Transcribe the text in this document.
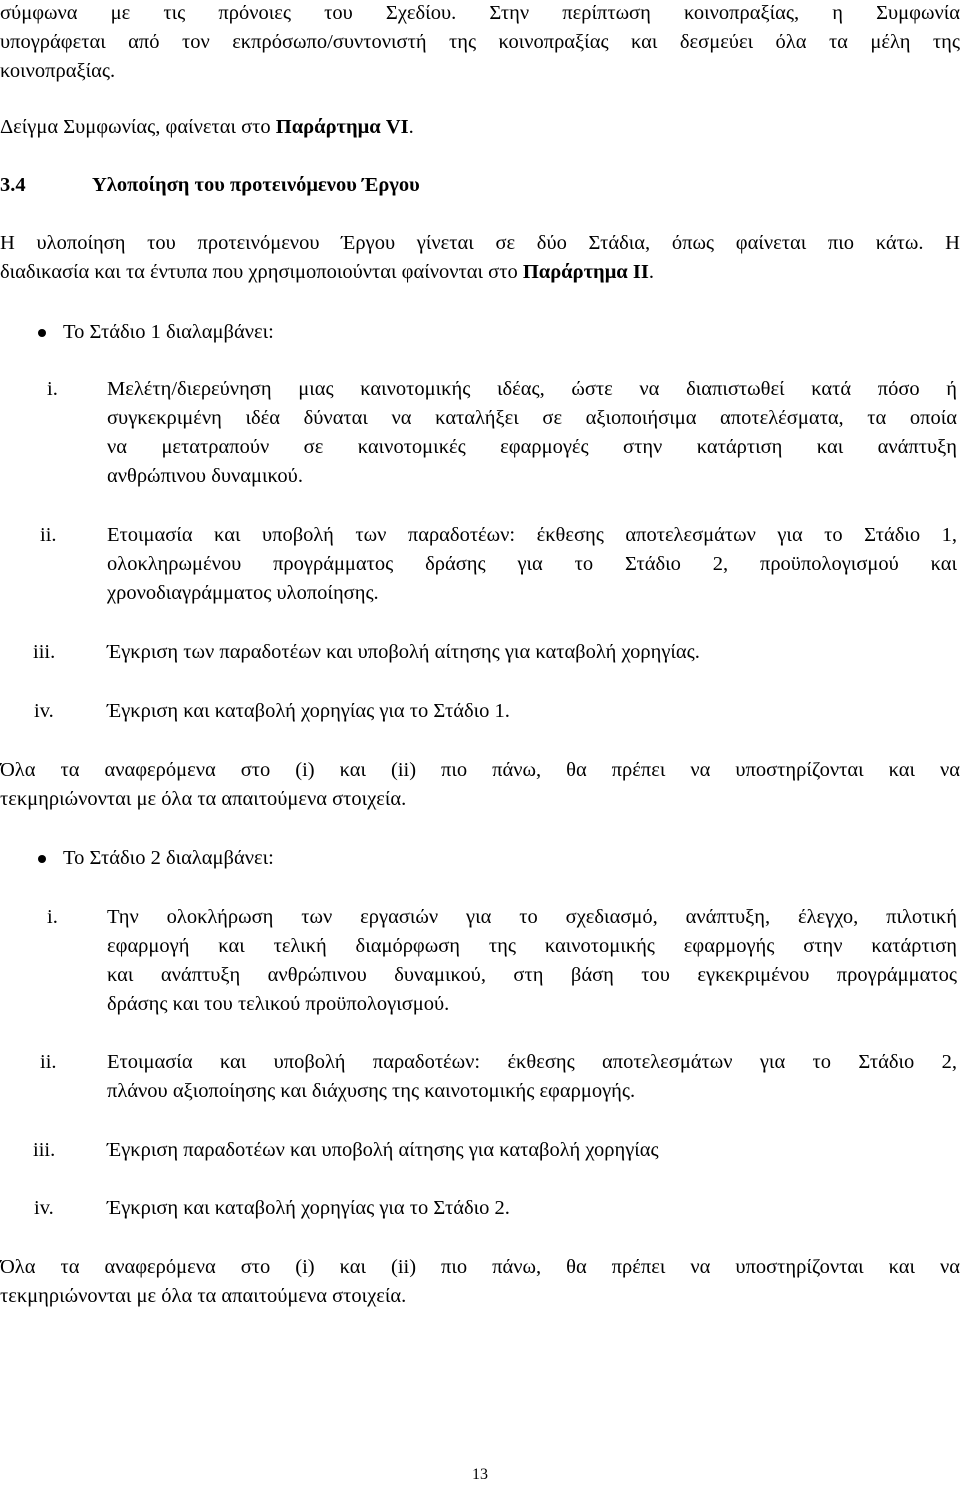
σύμφωνα με τις πρόνοιες του Σχεδίου. Στην περίπτωση κοινοπραξίας, η Συμφωνία
υπογράφεται από τον εκπρόσωπο/συντονιστή της κοινοπραξίας και δεσμεύει όλα τα μέλη της
κοινοπραξίας.
Δείγμα Συμφωνίας, φαίνεται στο Παράρτημα VI.
3.4	Υλοποίηση του προτεινόμενου Έργου
Η υλοποίηση του προτεινόμενου Έργου γίνεται σε δύο Στάδια, όπως φαίνεται πιο κάτω. Η
διαδικασία και τα έντυπα που χρησιμοποιούνται φαίνονται στο Παράρτημα ΙΙ.
Το Στάδιο 1 διαλαμβάνει:
i. Μελέτη/διερεύνηση μιας καινοτομικής ιδέας, ώστε να διαπιστωθεί κατά πόσο ή
συγκεκριμένη ιδέα δύναται να καταλήξει σε αξιοποιήσιμα αποτελέσματα, τα οποία
να μετατραπούν σε καινοτομικές εφαρμογές στην κατάρτιση και ανάπτυξη
ανθρώπινου δυναμικού.
ii. Ετοιμασία και υποβολή των παραδοτέων: έκθεσης αποτελεσμάτων για το Στάδιο 1,
ολοκληρωμένου προγράμματος δράσης για το Στάδιο 2, προϋπολογισμού και
χρονοδιαγράμματος υλοποίησης.
iii.	Έγκριση των παραδοτέων και υποβολή αίτησης για καταβολή χορηγίας.
iv.	Έγκριση και καταβολή χορηγίας για το Στάδιο 1.
Όλα τα αναφερόμενα στο (i) και (ii) πιο πάνω, θα πρέπει να υποστηρίζονται και να
τεκμηριώνονται με όλα τα απαιτούμενα στοιχεία.
Το Στάδιο 2 διαλαμβάνει:
i. Την ολοκλήρωση των εργασιών για το σχεδιασμό, ανάπτυξη, έλεγχο, πιλοτική
εφαρμογή και τελική διαμόρφωση της καινοτομικής εφαρμογής στην κατάρτιση
και ανάπτυξη ανθρώπινου δυναμικού, στη βάση του εγκεκριμένου προγράμματος
δράσης και του τελικού προϋπολογισμού.
ii. Ετοιμασία και υποβολή παραδοτέων: έκθεσης αποτελεσμάτων για το Στάδιο 2,
πλάνου αξιοποίησης και διάχυσης της καινοτομικής εφαρμογής.
iii.	Έγκριση παραδοτέων και υποβολή αίτησης για καταβολή χορηγίας
iv.	Έγκριση και καταβολή χορηγίας για το Στάδιο 2.
Όλα τα αναφερόμενα στο (i) και (ii) πιο πάνω, θα πρέπει να υποστηρίζονται και να
τεκμηριώνονται με όλα τα απαιτούμενα στοιχεία.
13
